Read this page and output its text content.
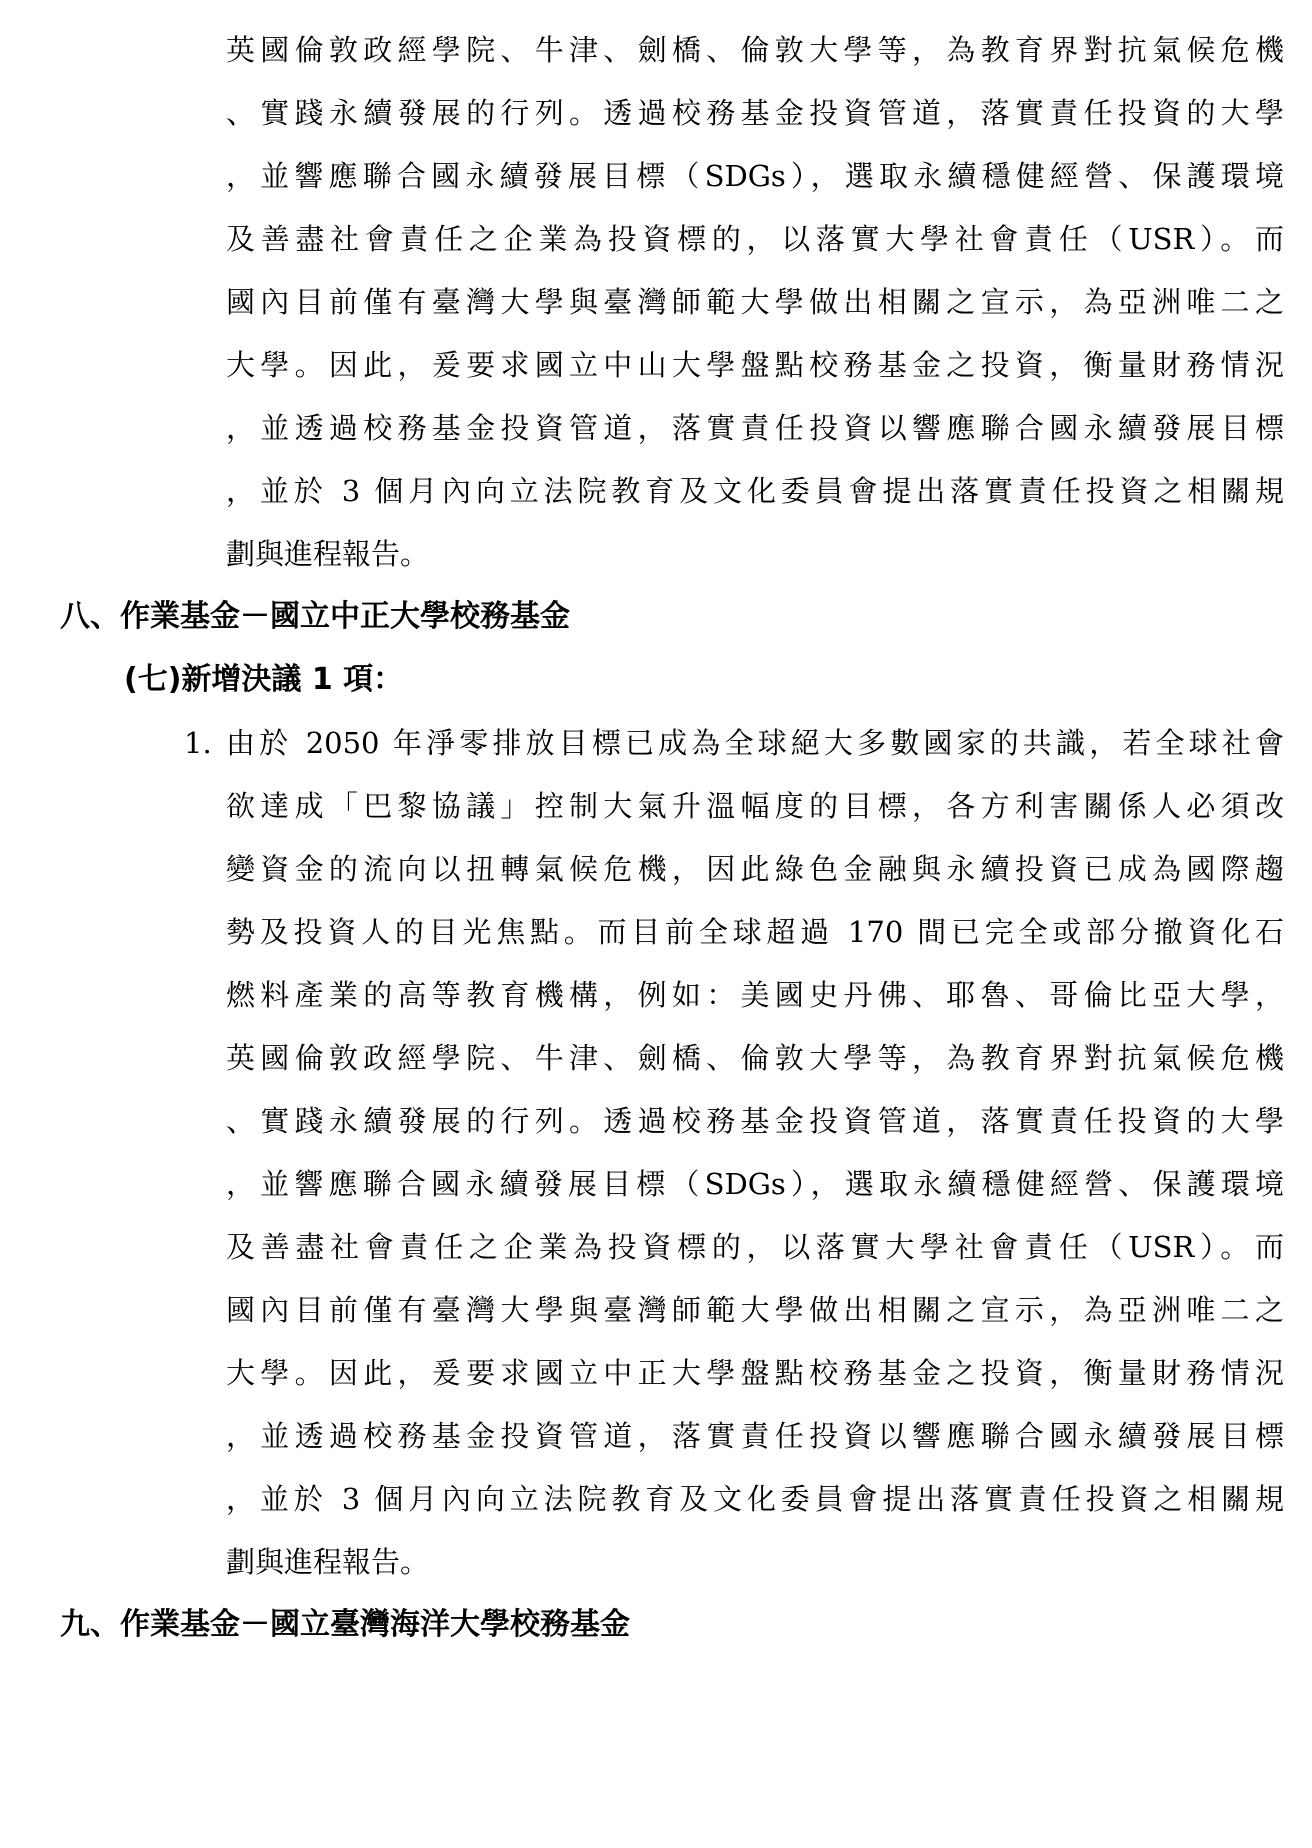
英國倫敦政經學院、牛津、劍橋、倫敦大學等，為教育界對抗氣候危機
、實踐永續發展的行列。透過校務基金投資管道，落實責任投資的大學
，並響應聯合國永續發展目標（SDGs），選取永續穩健經營、保護環境
及善盡社會責任之企業為投資標的，以落實大學社會責任（USR）。而
國內目前僅有臺灣大學與臺灣師範大學做出相關之宣示，為亞洲唯二之
大學。因此，爰要求國立中山大學盤點校務基金之投資，衡量財務情況
，並透過校務基金投資管道，落實責任投資以響應聯合國永續發展目標
，並於 3 個月內向立法院教育及文化委員會提出落實責任投資之相關規
劃與進程報告。
八、作業基金－國立中正大學校務基金
(七)新增決議 1 項：
1. 由於 2050 年淨零排放目標已成為全球絕大多數國家的共識，若全球社會
欲達成「巴黎協議」控制大氣升溫幅度的目標，各方利害關係人必須改
變資金的流向以扭轉氣候危機，因此綠色金融與永續投資已成為國際趨
勢及投資人的目光焦點。而目前全球超過 170 間已完全或部分撤資化石
燃料產業的高等教育機構，例如：美國史丹佛、耶魯、哥倫比亞大學，
英國倫敦政經學院、牛津、劍橋、倫敦大學等，為教育界對抗氣候危機
、實踐永續發展的行列。透過校務基金投資管道，落實責任投資的大學
，並響應聯合國永續發展目標（SDGs），選取永續穩健經營、保護環境
及善盡社會責任之企業為投資標的，以落實大學社會責任（USR）。而
國內目前僅有臺灣大學與臺灣師範大學做出相關之宣示，為亞洲唯二之
大學。因此，爰要求國立中正大學盤點校務基金之投資，衡量財務情況
，並透過校務基金投資管道，落實責任投資以響應聯合國永續發展目標
，並於 3 個月內向立法院教育及文化委員會提出落實責任投資之相關規
劃與進程報告。
九、作業基金－國立臺灣海洋大學校務基金
